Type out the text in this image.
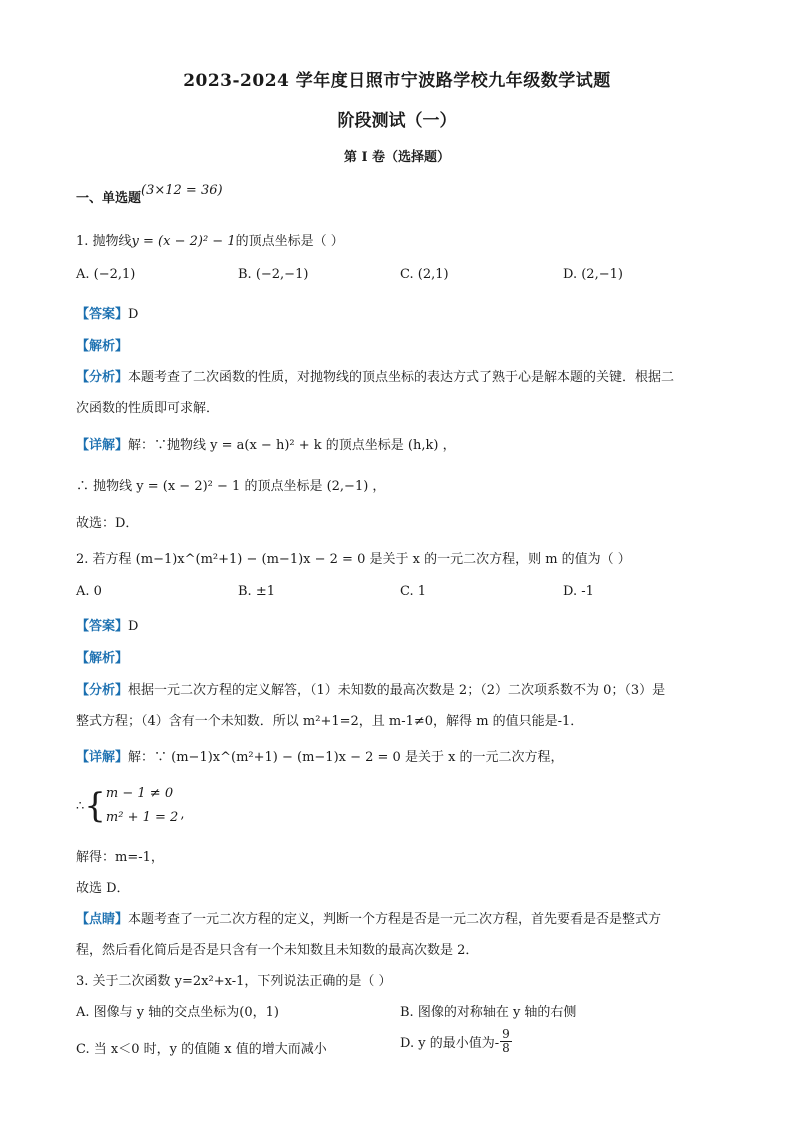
2023-2024 学年度日照市宁波路学校九年级数学试题
阶段测试（一）
第 I 卷（选择题）
一、单选题(3×12 = 36)
1. 抛物线y = (x − 2)² − 1的顶点坐标是（ ）
A. (−2,1)	B. (−2,−1)	C. (2,1)	D. (2,−1)
【答案】D
【解析】
【分析】本题考查了二次函数的性质，对抛物线的顶点坐标的表达方式了熟于心是解本题的关键．根据二
次函数的性质即可求解．
【详解】解：∵抛物线 y = a(x − h)² + k 的顶点坐标是 (h,k) ，
∴ 抛物线 y = (x − 2)² − 1 的顶点坐标是 (2,−1) ，
故选：D．
2. 若方程 (m−1)x^(m²+1) − (m−1)x − 2 = 0 是关于 x 的一元二次方程，则 m 的值为（ ）
A. 0	B. ±1	C. 1	D. -1
【答案】D
【解析】
【分析】根据一元二次方程的定义解答，（1）未知数的最高次数是 2；（2）二次项系数不为 0；（3）是
整式方程；（4）含有一个未知数．所以 m²+1=2，且 m-1≠0，解得 m 的值只能是-1．
【详解】解：∵ (m−1)x^(m²+1) − (m−1)x − 2 = 0 是关于 x 的一元二次方程，
∴ { m − 1 ≠ 0
m² + 1 = 2 ,
解得：m=-1，
故选 D．
【点睛】本题考查了一元二次方程的定义，判断一个方程是否是一元二次方程，首先要看是否是整式方
程，然后看化简后是否是只含有一个未知数且未知数的最高次数是 2．
3. 关于二次函数 y=2x²+x-1，下列说法正确的是（ ）
A. 图像与 y 轴的交点坐标为(0，1)	B. 图像的对称轴在 y 轴的右侧
C. 当 x＜0 时，y 的值随 x 值的增大而减小	D. y 的最小值为- $\frac{9}{8}$
